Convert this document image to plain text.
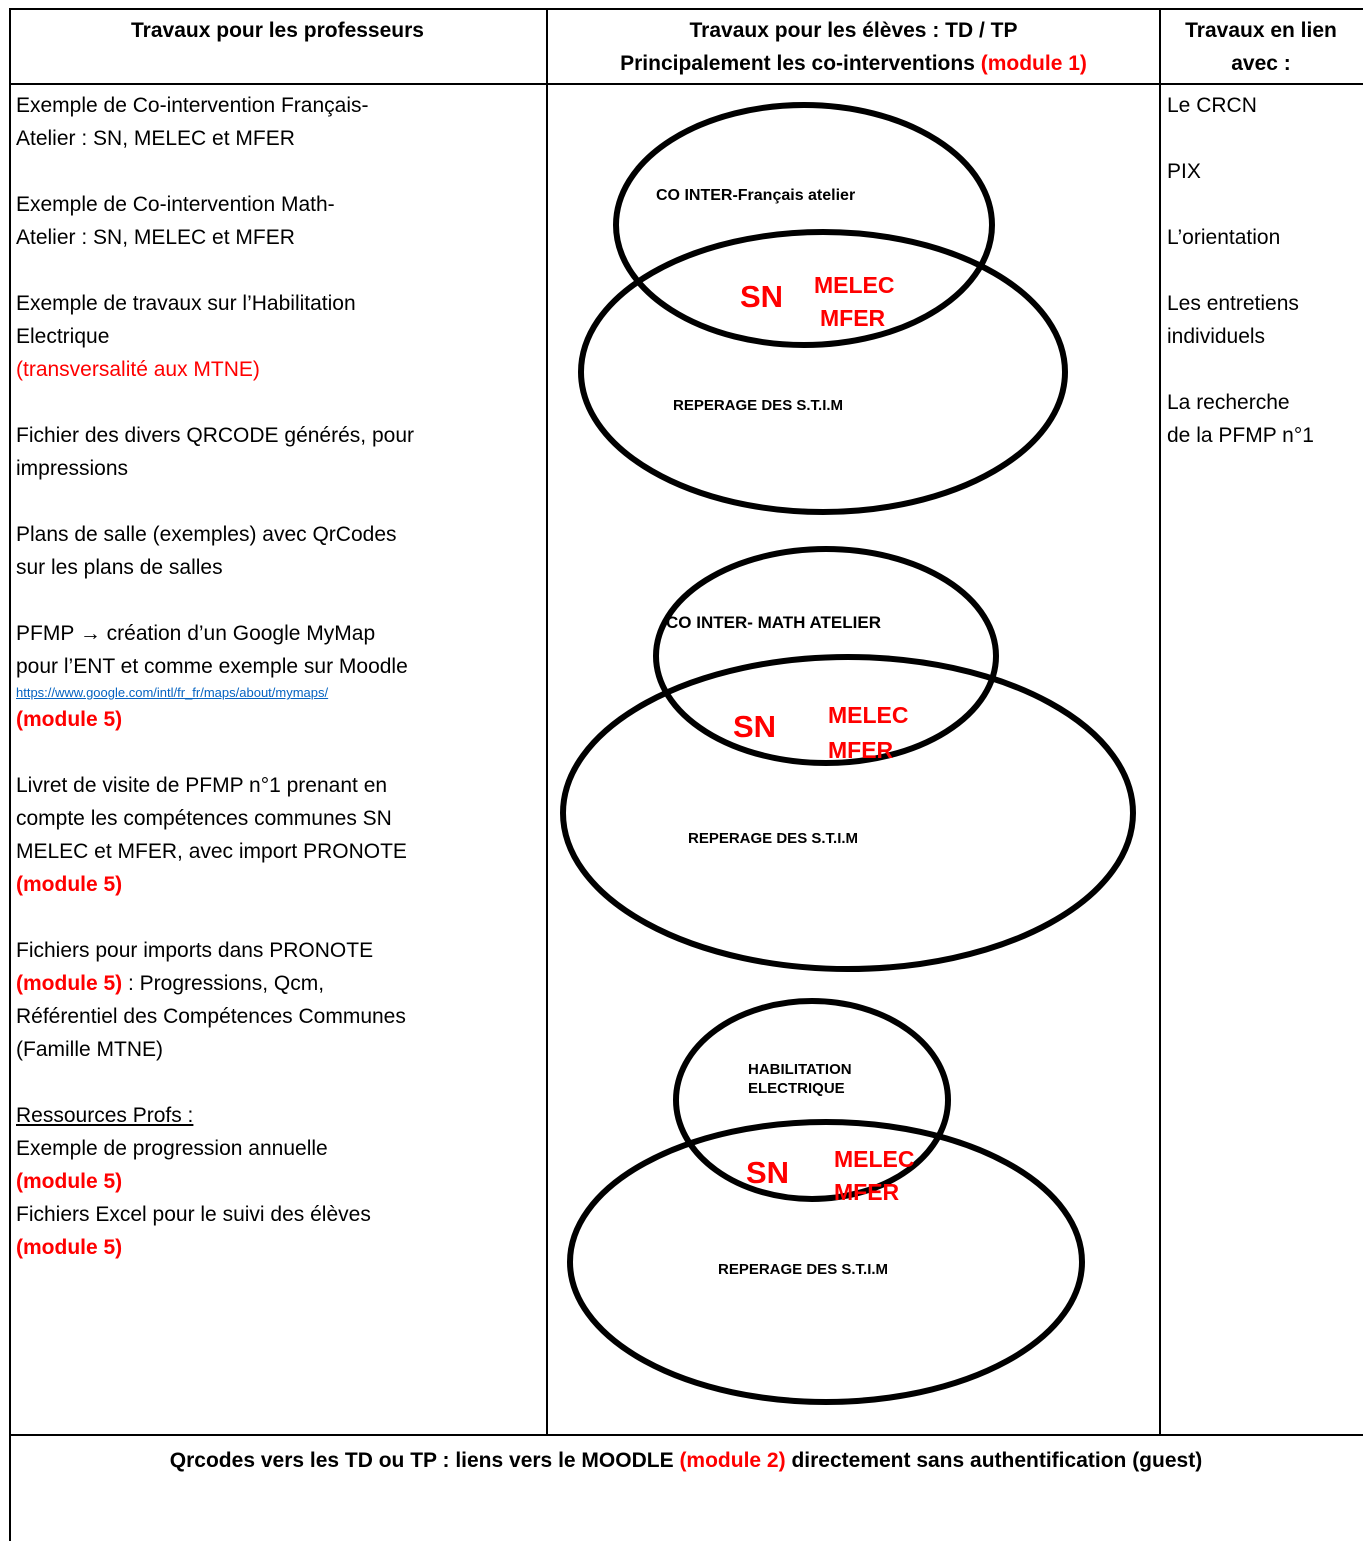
Travaux pour les professeurs	Travaux pour les élèves : TD / TP
Principalement les co-interventions (module 1)
Travaux en lien
avec :

Exemple de Co-intervention Français-

Atelier : SN, MELEC et MFER

Exemple de Co-intervention Math-

Atelier : SN, MELEC et MFER

Exemple de travaux sur l’Habilitation

Electrique

(transversalité aux MTNE)

Fichier des divers QRCODE générés, pour

impressions

Plans de salle (exemples) avec QrCodes

sur les plans de salles

PFMP → création d’un Google MyMap

pour l’ENT et comme exemple sur Moodle

https://www.google.com/intl/fr_fr/maps/about/mymaps/

(module 5)

Livret de visite de PFMP n°1 prenant en

compte les compétences communes SN

MELEC et MFER, avec import PRONOTE

(module 5)

Fichiers pour imports dans PRONOTE

(module 5) : Progressions, Qcm,

Référentiel des Compétences Communes

(Famille MTNE)

Ressources Profs :

Exemple de progression annuelle

(module 5)

Fichiers Excel pour le suivi des élèves

(module 5)

CO INTER-Français atelier
SN MELEC
MFER
REPERAGE DES S.T.I.M
CO INTER- MATH ATELIER
SN MELEC
MFER
REPERAGE DES S.T.I.M
HABILITATION
ELECTRIQUE
SN MELEC
MFER
REPERAGE DES S.T.I.M

Le CRCN

PIX

L’orientation

Les entretiens

individuels

La recherche

de la PFMP n°1

Qrcodes vers les TD ou TP : liens vers le MOODLE (module 2) directement sans authentification (guest)
